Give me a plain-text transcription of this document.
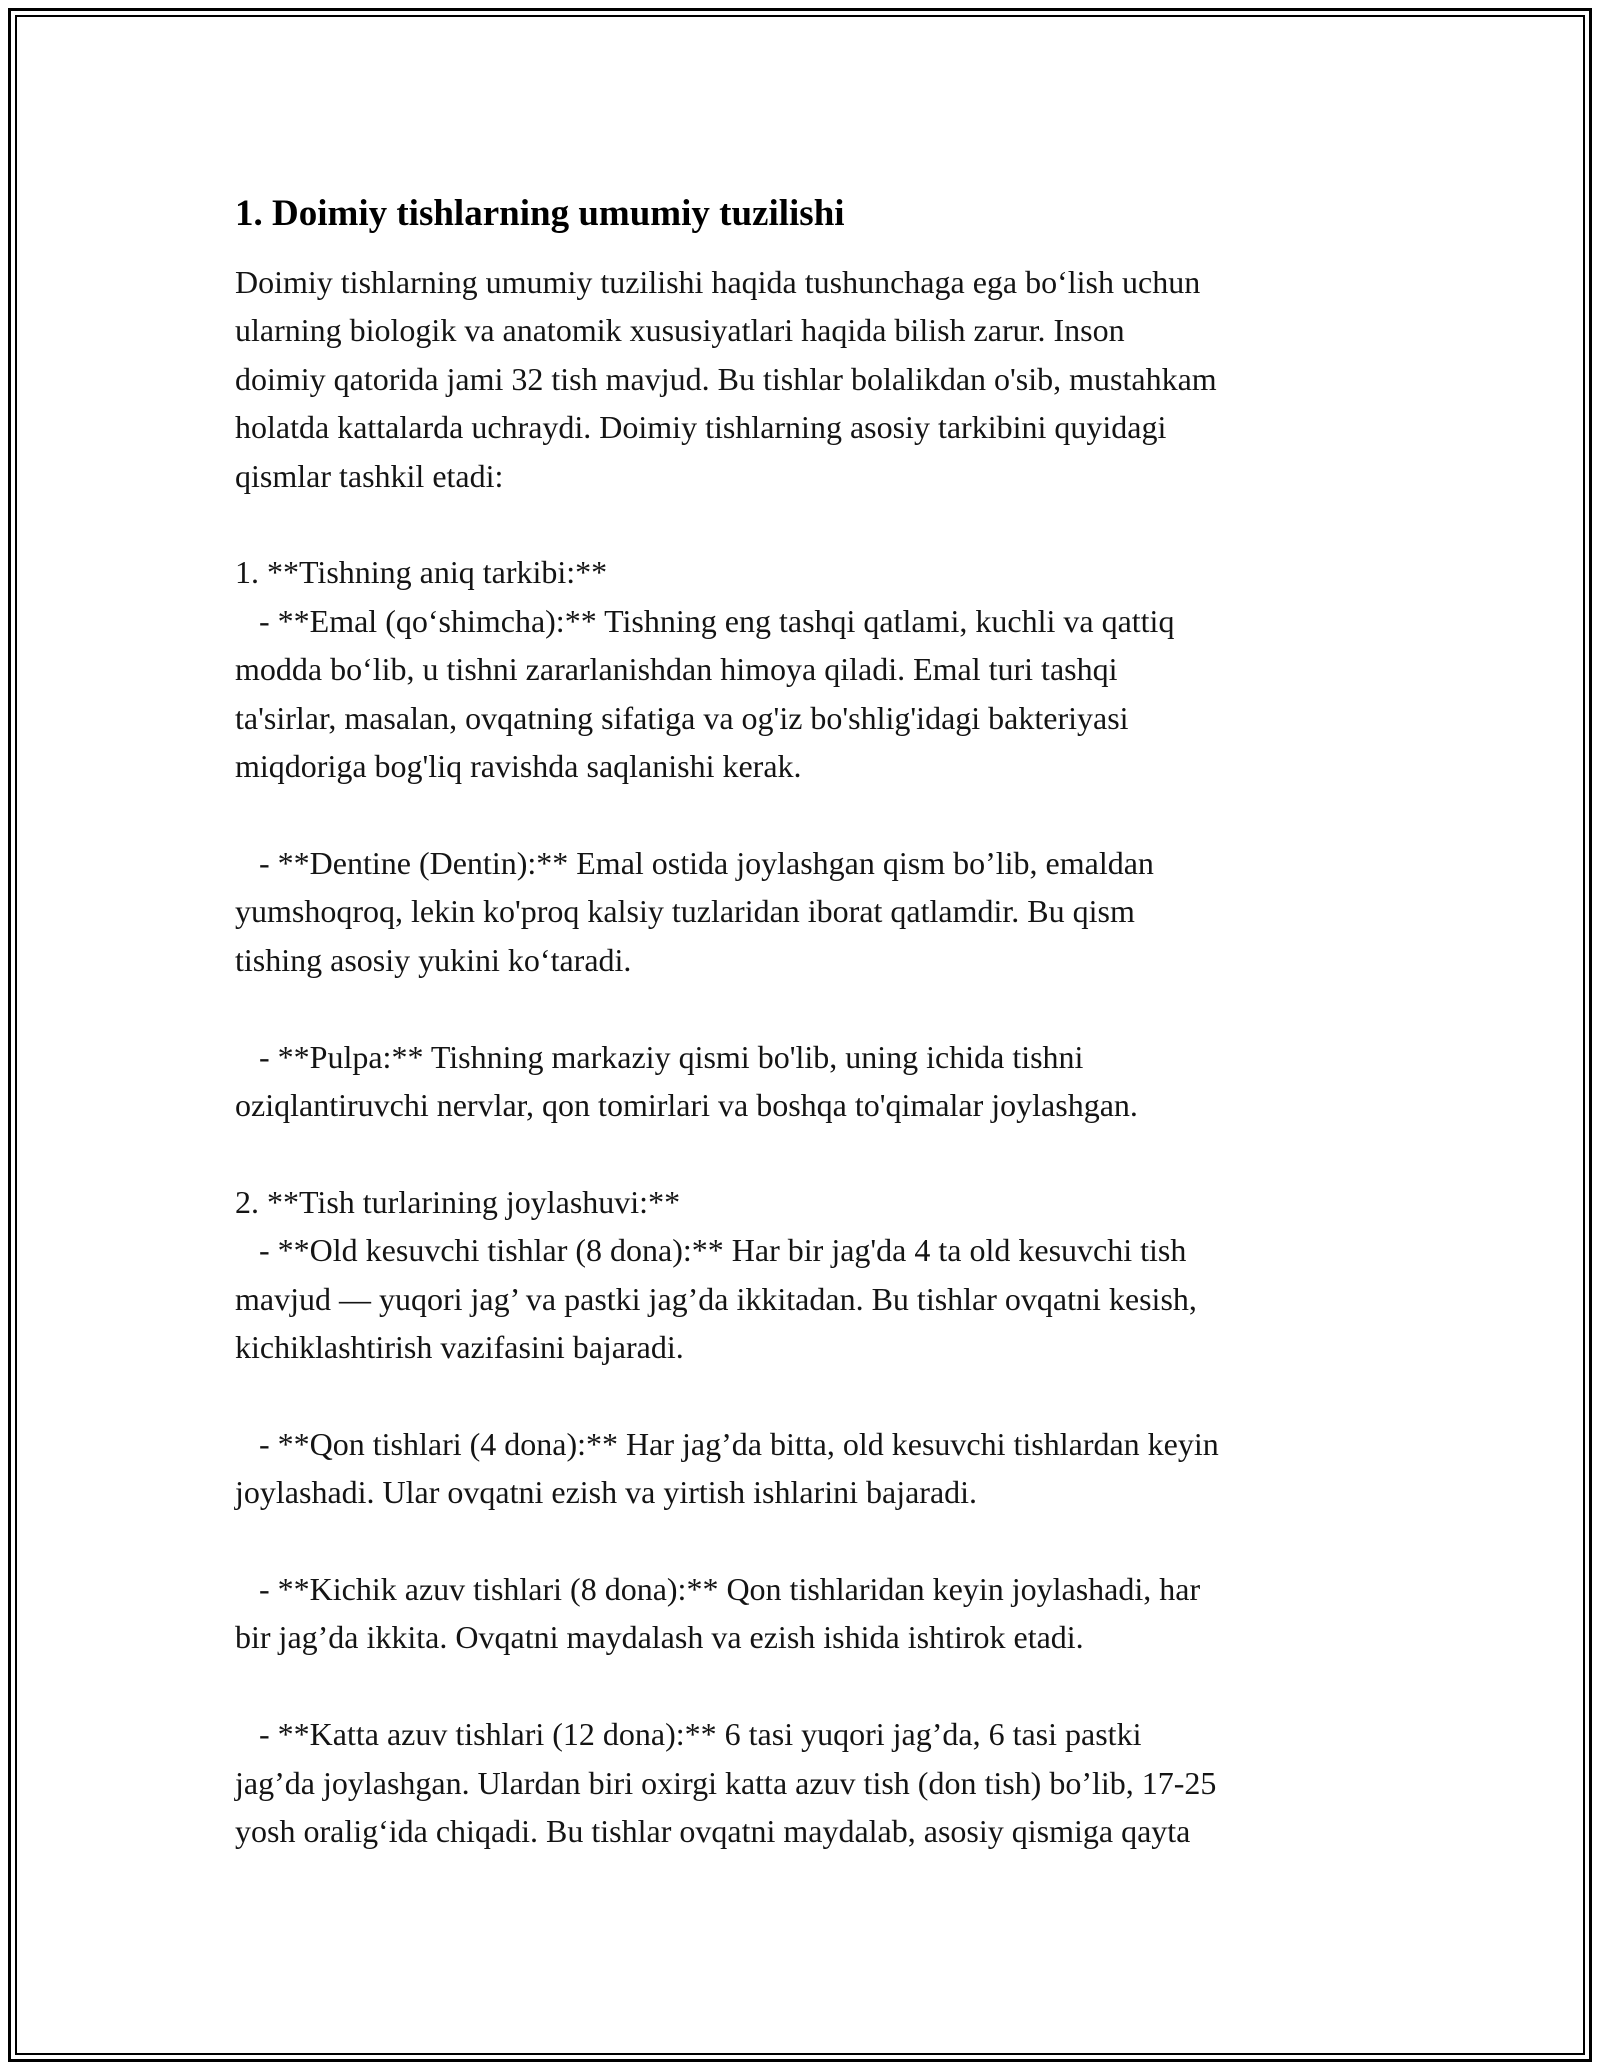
1. Doimiy tishlarning umumiy tuzilishi

Doimiy tishlarning umumiy tuzilishi haqida tushunchaga ega bo‘lish uchun
ularning biologik va anatomik xususiyatlari haqida bilish zarur. Inson
doimiy qatorida jami 32 tish mavjud. Bu tishlar bolalikdan o'sib, mustahkam
holatda kattalarda uchraydi. Doimiy tishlarning asosiy tarkibini quyidagi
qismlar tashkil etadi:

1. **Tishning aniq tarkibi:**
- **Emal (qo‘shimcha):** Tishning eng tashqi qatlami, kuchli va qattiq
modda bo‘lib, u tishni zararlanishdan himoya qiladi. Emal turi tashqi
ta'sirlar, masalan, ovqatning sifatiga va og'iz bo'shlig'idagi bakteriyasi
miqdoriga bog'liq ravishda saqlanishi kerak.

- **Dentine (Dentin):** Emal ostida joylashgan qism bo’lib, emaldan
yumshoqroq, lekin ko'proq kalsiy tuzlaridan iborat qatlamdir. Bu qism
tishing asosiy yukini ko‘taradi.

- **Pulpa:** Tishning markaziy qismi bo'lib, uning ichida tishni
oziqlantiruvchi nervlar, qon tomirlari va boshqa to'qimalar joylashgan.

2. **Tish turlarining joylashuvi:**
- **Old kesuvchi tishlar (8 dona):** Har bir jag'da 4 ta old kesuvchi tish
mavjud — yuqori jag’ va pastki jag’da ikkitadan. Bu tishlar ovqatni kesish,
kichiklashtirish vazifasini bajaradi.

- **Qon tishlari (4 dona):** Har jag’da bitta, old kesuvchi tishlardan keyin
joylashadi. Ular ovqatni ezish va yirtish ishlarini bajaradi.

- **Kichik azuv tishlari (8 dona):** Qon tishlaridan keyin joylashadi, har
bir jag’da ikkita. Ovqatni maydalash va ezish ishida ishtirok etadi.

- **Katta azuv tishlari (12 dona):** 6 tasi yuqori jag’da, 6 tasi pastki
jag’da joylashgan. Ulardan biri oxirgi katta azuv tish (don tish) bo’lib, 17-25
yosh oralig‘ida chiqadi. Bu tishlar ovqatni maydalab, asosiy qismiga qayta
